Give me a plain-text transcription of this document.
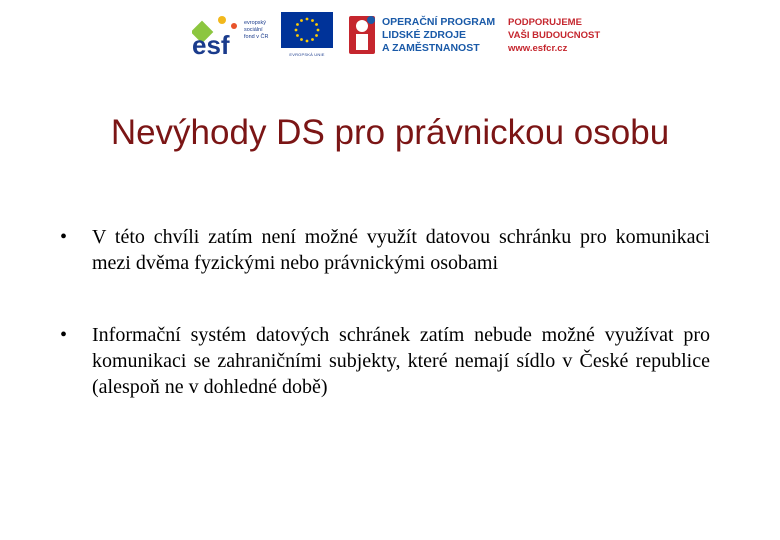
esf
evropský
sociální
fond v ČR
EVROPSKÁ UNIE
OPERAČNÍ PROGRAM
LIDSKÉ ZDROJE
A ZAMĚSTNANOST
PODPORUJEME
VAŠI BUDOUCNOST
www.esfcr.cz
Nevýhody DS pro právnickou osobu
• V této chvíli zatím není možné využít datovou schránku pro komunikaci mezi dvěma fyzickými nebo právnickými osobami
• Informační systém datových schránek zatím nebude možné využívat pro komunikaci se zahraničními subjekty, které nemají sídlo v České republice (alespoň ne v dohledné době)
